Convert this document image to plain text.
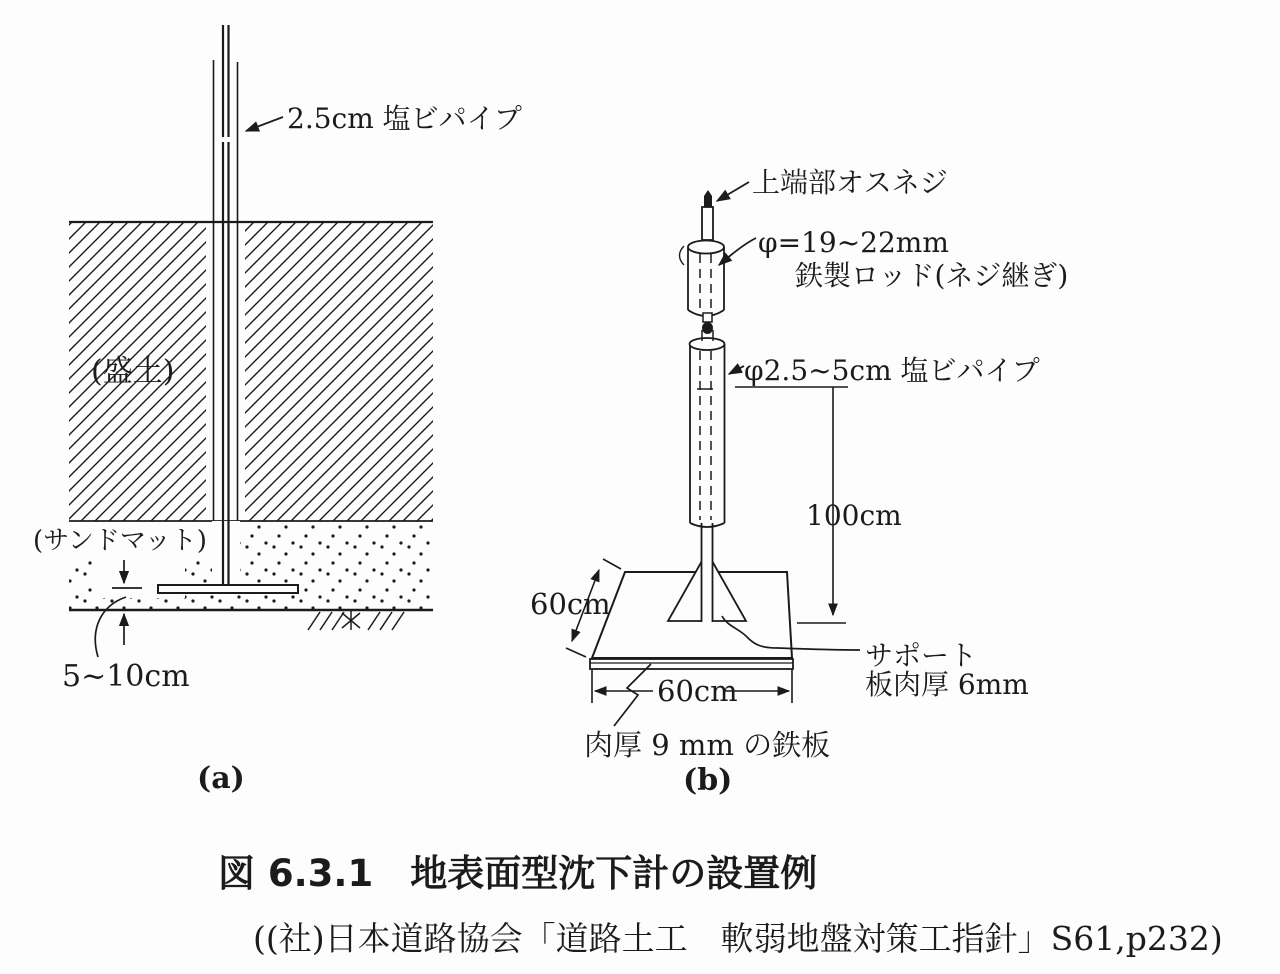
2.5cm 塩ビパイプ
(盛土)
(サンドマット)
5~10cm
(a)
上端部オスネジ
φ=19~22mm
鉄製ロッド(ネジ継ぎ)
φ2.5~5cm 塩ビパイプ
100cm
60cm
60cm
サポート
板肉厚 6mm
肉厚 9 mm の鉄板
(b)
図 6.3.1　地表面型沈下計の設置例
((社)日本道路協会「道路土工　軟弱地盤対策工指針」S61,p232)
